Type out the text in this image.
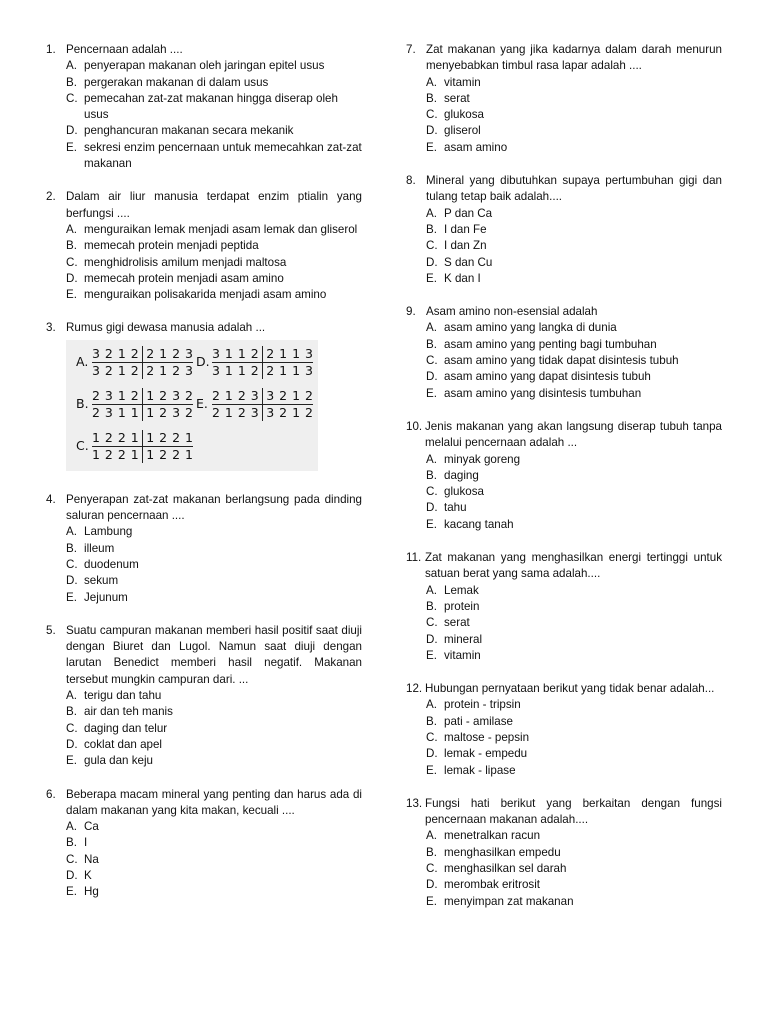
1. Pencernaan adalah ....
A. penyerapan makanan oleh jaringan epitel usus
B. pergerakan makanan di dalam usus
C. pemecahan zat-zat makanan hingga diserap oleh usus
D. penghancuran makanan secara mekanik
E. sekresi enzim pencernaan untuk memecahkan zat-zat makanan
2. Dalam air liur manusia terdapat enzim ptialin yang berfungsi ....
A. menguraikan lemak menjadi asam lemak dan gliserol
B. memecah protein menjadi peptida
C. menghidrolisis amilum menjadi maltosa
D. memecah protein menjadi asam amino
E. menguraikan polisakarida menjadi asam amino
3. Rumus gigi dewasa manusia adalah ...
A. $\frac{3 2 1 2 2 1 2 3}{3 2 1 2 2 1 2 3} D$. $\frac{3 1 1 2 2 1 1 3}{3 1 1 2 2 1 1 3}$
B. $\frac{2 3 1 2 1 2 3 2}{2 3 1 1 1 2 3 2} E$. $\frac{2 1 2 3 3 2 1 2}{2 1 2 3 3 2 1 2}$
C. $\frac{1 2 2 1 1 2 2 1}{1 2 2 1 1 2 2 1}$
4. Penyerapan zat-zat makanan berlangsung pada dinding saluran pencernaan ....
A. Lambung
B. illeum
C. duodenum
D. sekum
E. Jejunum
5. Suatu campuran makanan memberi hasil positif saat diuji dengan Biuret dan Lugol. Namun saat diuji dengan larutan Benedict memberi hasil negatif. Makanan tersebut mungkin campuran dari. ...
A. terigu dan tahu
B. air dan teh manis
C. daging dan telur
D. coklat dan apel
E. gula dan keju
6. Beberapa macam mineral yang penting dan harus ada di dalam makanan yang kita makan, kecuali ....
A. Ca
B. I
C. Na
D. K
E. Hg
7. Zat makanan yang jika kadarnya dalam darah menurun menyebabkan timbul rasa lapar adalah ....
A. vitamin
B. serat
C. glukosa
D. gliserol
E. asam amino
8. Mineral yang dibutuhkan supaya pertumbuhan gigi dan tulang tetap baik adalah....
A. P dan Ca
B. I dan Fe
C. I dan Zn
D. S dan Cu
E. K dan I
9. Asam amino non-esensial adalah
A. asam amino yang langka di dunia
B. asam amino yang penting bagi tumbuhan
C. asam amino yang tidak dapat disintesis tubuh
D. asam amino yang dapat disintesis tubuh
E. asam amino yang disintesis tumbuhan
10. Jenis makanan yang akan langsung diserap tubuh tanpa melalui pencernaan adalah ...
A. minyak goreng
B. daging
C. glukosa
D. tahu
E. kacang tanah
11. Zat makanan yang menghasilkan energi tertinggi untuk satuan berat yang sama adalah....
A. Lemak
B. protein
C. serat
D. mineral
E. vitamin
12. Hubungan pernyataan berikut yang tidak benar adalah...
A. protein - tripsin
B. pati - amilase
C. maltose - pepsin
D. lemak - empedu
E. lemak - lipase
13. Fungsi hati berikut yang berkaitan dengan fungsi pencernaan makanan adalah....
A. menetralkan racun
B. menghasilkan empedu
C. menghasilkan sel darah
D. merombak eritrosit
E. menyimpan zat makanan
